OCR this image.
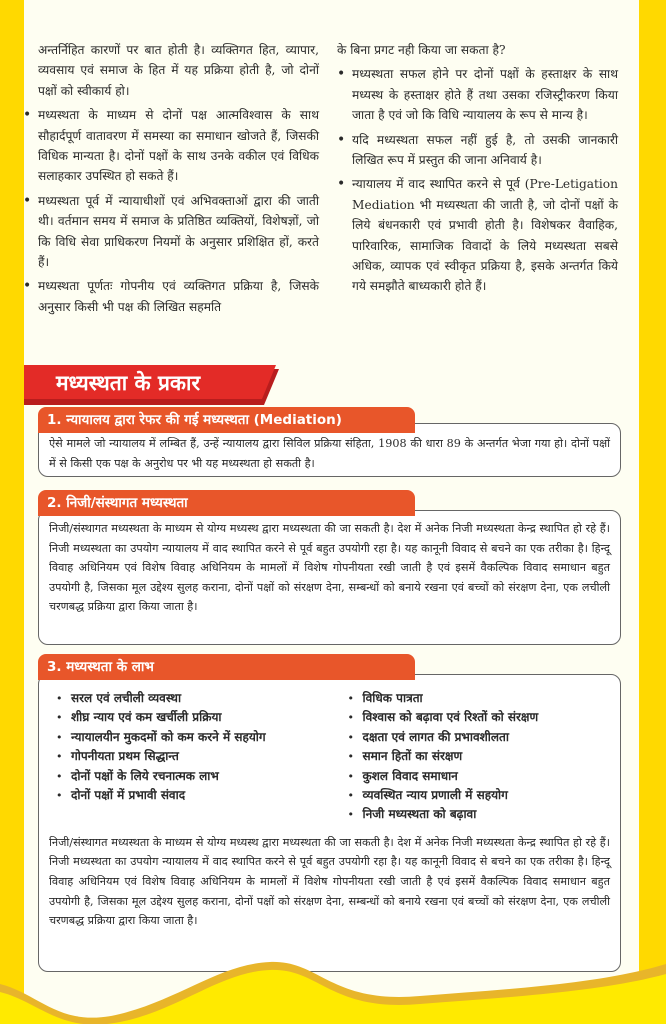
अन्तर्निहित कारणों पर बात होती है। व्यक्तिगत हित, व्यापार, व्यवसाय एवं समाज के हित में यह प्रक्रिया होती है, जो दोनों पक्षों को स्वीकार्य हो।

• मध्यस्थता के माध्यम से दोनों पक्ष आत्मविश्वास के साथ सौहार्दपूर्ण वातावरण में समस्या का समाधान खोजते हैं, जिसकी विधिक मान्यता है। दोनों पक्षों के साथ उनके वकील एवं विधिक सलाहकार उपस्थित हो सकते हैं।
• मध्यस्थता पूर्व में न्यायाधीशों एवं अभिवक्ताओं द्वारा की जाती थी। वर्तमान समय में समाज के प्रतिष्ठित व्यक्तियों, विशेषज्ञों, जो कि विधि सेवा प्राधिकरण नियमों के अनुसार प्रशिक्षित हों, करते हैं।
• मध्यस्थता पूर्णतः गोपनीय एवं व्यक्तिगत प्रक्रिया है, जिसके अनुसार किसी भी पक्ष की लिखित सहमति

के बिना प्रगट नही किया जा सकता है?

• मध्यस्थता सफल होने पर दोनों पक्षों के हस्ताक्षर के साथ मध्यस्थ के हस्ताक्षर होते हैं तथा उसका रजिस्ट्रीकरण किया जाता है एवं जो कि विधि न्यायालय के रूप से मान्य है।
• यदि मध्यस्थता सफल नहीं हुई है, तो उसकी जानकारी लिखित रूप में प्रस्तुत की जाना अनिवार्य है।
• न्यायालय में वाद स्थापित करने से पूर्व (Pre-Letigation Mediation भी मध्यस्थता की जाती है, जो दोनों पक्षों के लिये बंधनकारी एवं प्रभावी होती है। विशेषकर वैवाहिक, पारिवारिक, सामाजिक विवादों के लिये मध्यस्थता सबसे अधिक, व्यापक एवं स्वीकृत प्रक्रिया है, इसके अन्तर्गत किये गये समझौते बाध्यकारी होते हैं।
मध्यस्थता के प्रकार
ऐसे मामले जो न्यायालय में लम्बित हैं, उन्हें न्यायालय द्वारा सिविल प्रक्रिया संहिता, 1908 की धारा 89 के अन्तर्गत भेजा गया हो। दोनों पक्षों में से किसी एक पक्ष के अनुरोध पर भी यह मध्यस्थता हो सकती है।
1. न्यायालय द्वारा रेफर की गई मध्यस्थता (Mediation)
निजी/संस्थागत मध्यस्थता के माध्यम से योग्य मध्यस्थ द्वारा मध्यस्थता की जा सकती है। देश में अनेक निजी मध्यस्थता केन्द्र स्थापित हो रहे हैं। निजी मध्यस्थता का उपयोग न्यायालय में वाद स्थापित करने से पूर्व बहुत उपयोगी रहा है। यह कानूनी विवाद से बचने का एक तरीका है। हिन्दू विवाह अधिनियम एवं विशेष विवाह अधिनियम के मामलों में विशेष गोपनीयता रखी जाती है एवं इसमें वैकल्पिक विवाद समाधान बहुत उपयोगी है, जिसका मूल उद्देश्य सुलह कराना, दोनों पक्षों को संरक्षण देना, सम्बन्धों को बनाये रखना एवं बच्चों को संरक्षण देना, एक लचीली चरणबद्ध प्रक्रिया द्वारा किया जाता है।
2. निजी/संस्थागत मध्यस्थता
• सरल एवं लचीली व्यवस्था
• शीघ्र न्याय एवं कम खर्चीली प्रक्रिया
• न्यायालयीन मुकदमों को कम करने में सहयोग
• गोपनीयता प्रथम सिद्धान्त
• दोनों पक्षों के लिये रचनात्मक लाभ
• दोनों पक्षों में प्रभावी संवाद
• विधिक पात्रता
• विश्वास को बढ़ावा एवं रिश्तों को संरक्षण
• दक्षता एवं लागत की प्रभावशीलता
• समान हितों का संरक्षण
• कुशल विवाद समाधान
• व्यवस्थित न्याय प्रणाली में सहयोग
• निजी मध्यस्थता को बढ़ावा
निजी/संस्थागत मध्यस्थता के माध्यम से योग्य मध्यस्थ द्वारा मध्यस्थता की जा सकती है। देश में अनेक निजी मध्यस्थता केन्द्र स्थापित हो रहे हैं। निजी मध्यस्थता का उपयोग न्यायालय में वाद स्थापित करने से पूर्व बहुत उपयोगी रहा है। यह कानूनी विवाद से बचने का एक तरीका है। हिन्दू विवाह अधिनियम एवं विशेष विवाह अधिनियम के मामलों में विशेष गोपनीयता रखी जाती है एवं इसमें वैकल्पिक विवाद समाधान बहुत उपयोगी है, जिसका मूल उद्देश्य सुलह कराना, दोनों पक्षों को संरक्षण देना, सम्बन्धों को बनाये रखना एवं बच्चों को संरक्षण देना, एक लचीली चरणबद्ध प्रक्रिया द्वारा किया जाता है।
3. मध्यस्थता के लाभ
